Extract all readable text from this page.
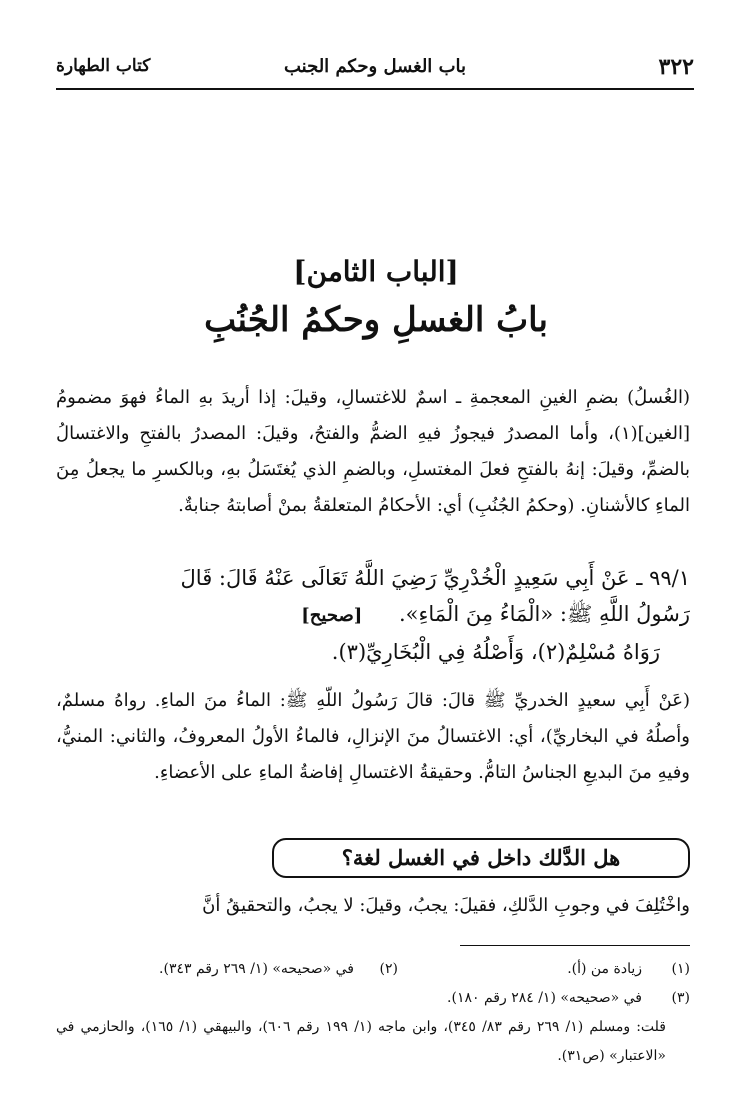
٣٢٢
باب الغسل وحكم الجنب
كتاب الطهارة
[الباب الثامن]
بابُ الغسلِ وحكمُ الجُنُبِ
(الغُسلُ) بضمِ الغينِ المعجمةِ ـ اسمٌ للاغتسالِ، وقيلَ: إذا أريدَ بهِ الماءُ فهوَ مضمومُ [الغين](١)، وأما المصدرُ فيجوزُ فيهِ الضمُّ والفتحُ، وقيلَ: المصدرُ بالفتحِ والاغتسالُ بالضمِّ، وقيلَ: إنهُ بالفتحِ فعلَ المغتسلِ، وبالضمِ الذي يُغتَسَلُ بهِ، وبالكسرِ ما يجعلُ مِنَ الماءِ كالأشنانِ. (وحكمُ الجُنُبِ) أي: الأحكامُ المتعلقةُ بمنْ أصابتهُ جنابةٌ.
٩٩/١ ـ عَنْ أَبِي سَعِيدٍ الْخُدْرِيِّ رَضِيَ اللَّهُ تَعَالَى عَنْهُ قَالَ: قَالَ
رَسُولُ اللَّهِ ﷺ: «الْمَاءُ مِنَ الْمَاءِ». [ صحيح ]
رَوَاهُ مُسْلِمٌ(٢)، وَأَصْلُهُ فِي الْبُخَارِيِّ(٣).
(عَنْ أَبِي سعيدٍ الخدريِّ ﷺ قالَ: قالَ رَسُولُ اللّهِ ﷺ: الماءُ منَ الماءِ. رواهُ مسلمٌ، وأصلُهُ في البخاريِّ)، أي: الاغتسالُ منَ الإنزالِ، فالماءُ الأولُ المعروفُ، والثاني: المنيُّ، وفيهِ منَ البديعِ الجناسُ التامُّ. وحقيقةُ الاغتسالِ إفاضةُ الماءِ على الأعضاءِ.
هل الدَّلك داخل في الغسل لغة؟
واخْتُلِفَ في وجوبِ الدَّلكِ، فقيلَ: يجبُ، وقيلَ: لا يجبُ، والتحقيقُ أنَّ
(١)
زيادة من (أ).
(٢)
في «صحيحه» (١/ ٢٦٩ رقم ٣٤٣).
(٣)
في «صحيحه» (١/ ٢٨٤ رقم ١٨٠).
قلت: ومسلم (١/ ٢٦٩ رقم ٨٣/ ٣٤٥)، وابن ماجه (١/ ١٩٩ رقم ٦٠٦)، والبيهقي (١/ ١٦٥)، والحازمي في «الاعتبار» (ص٣١).
